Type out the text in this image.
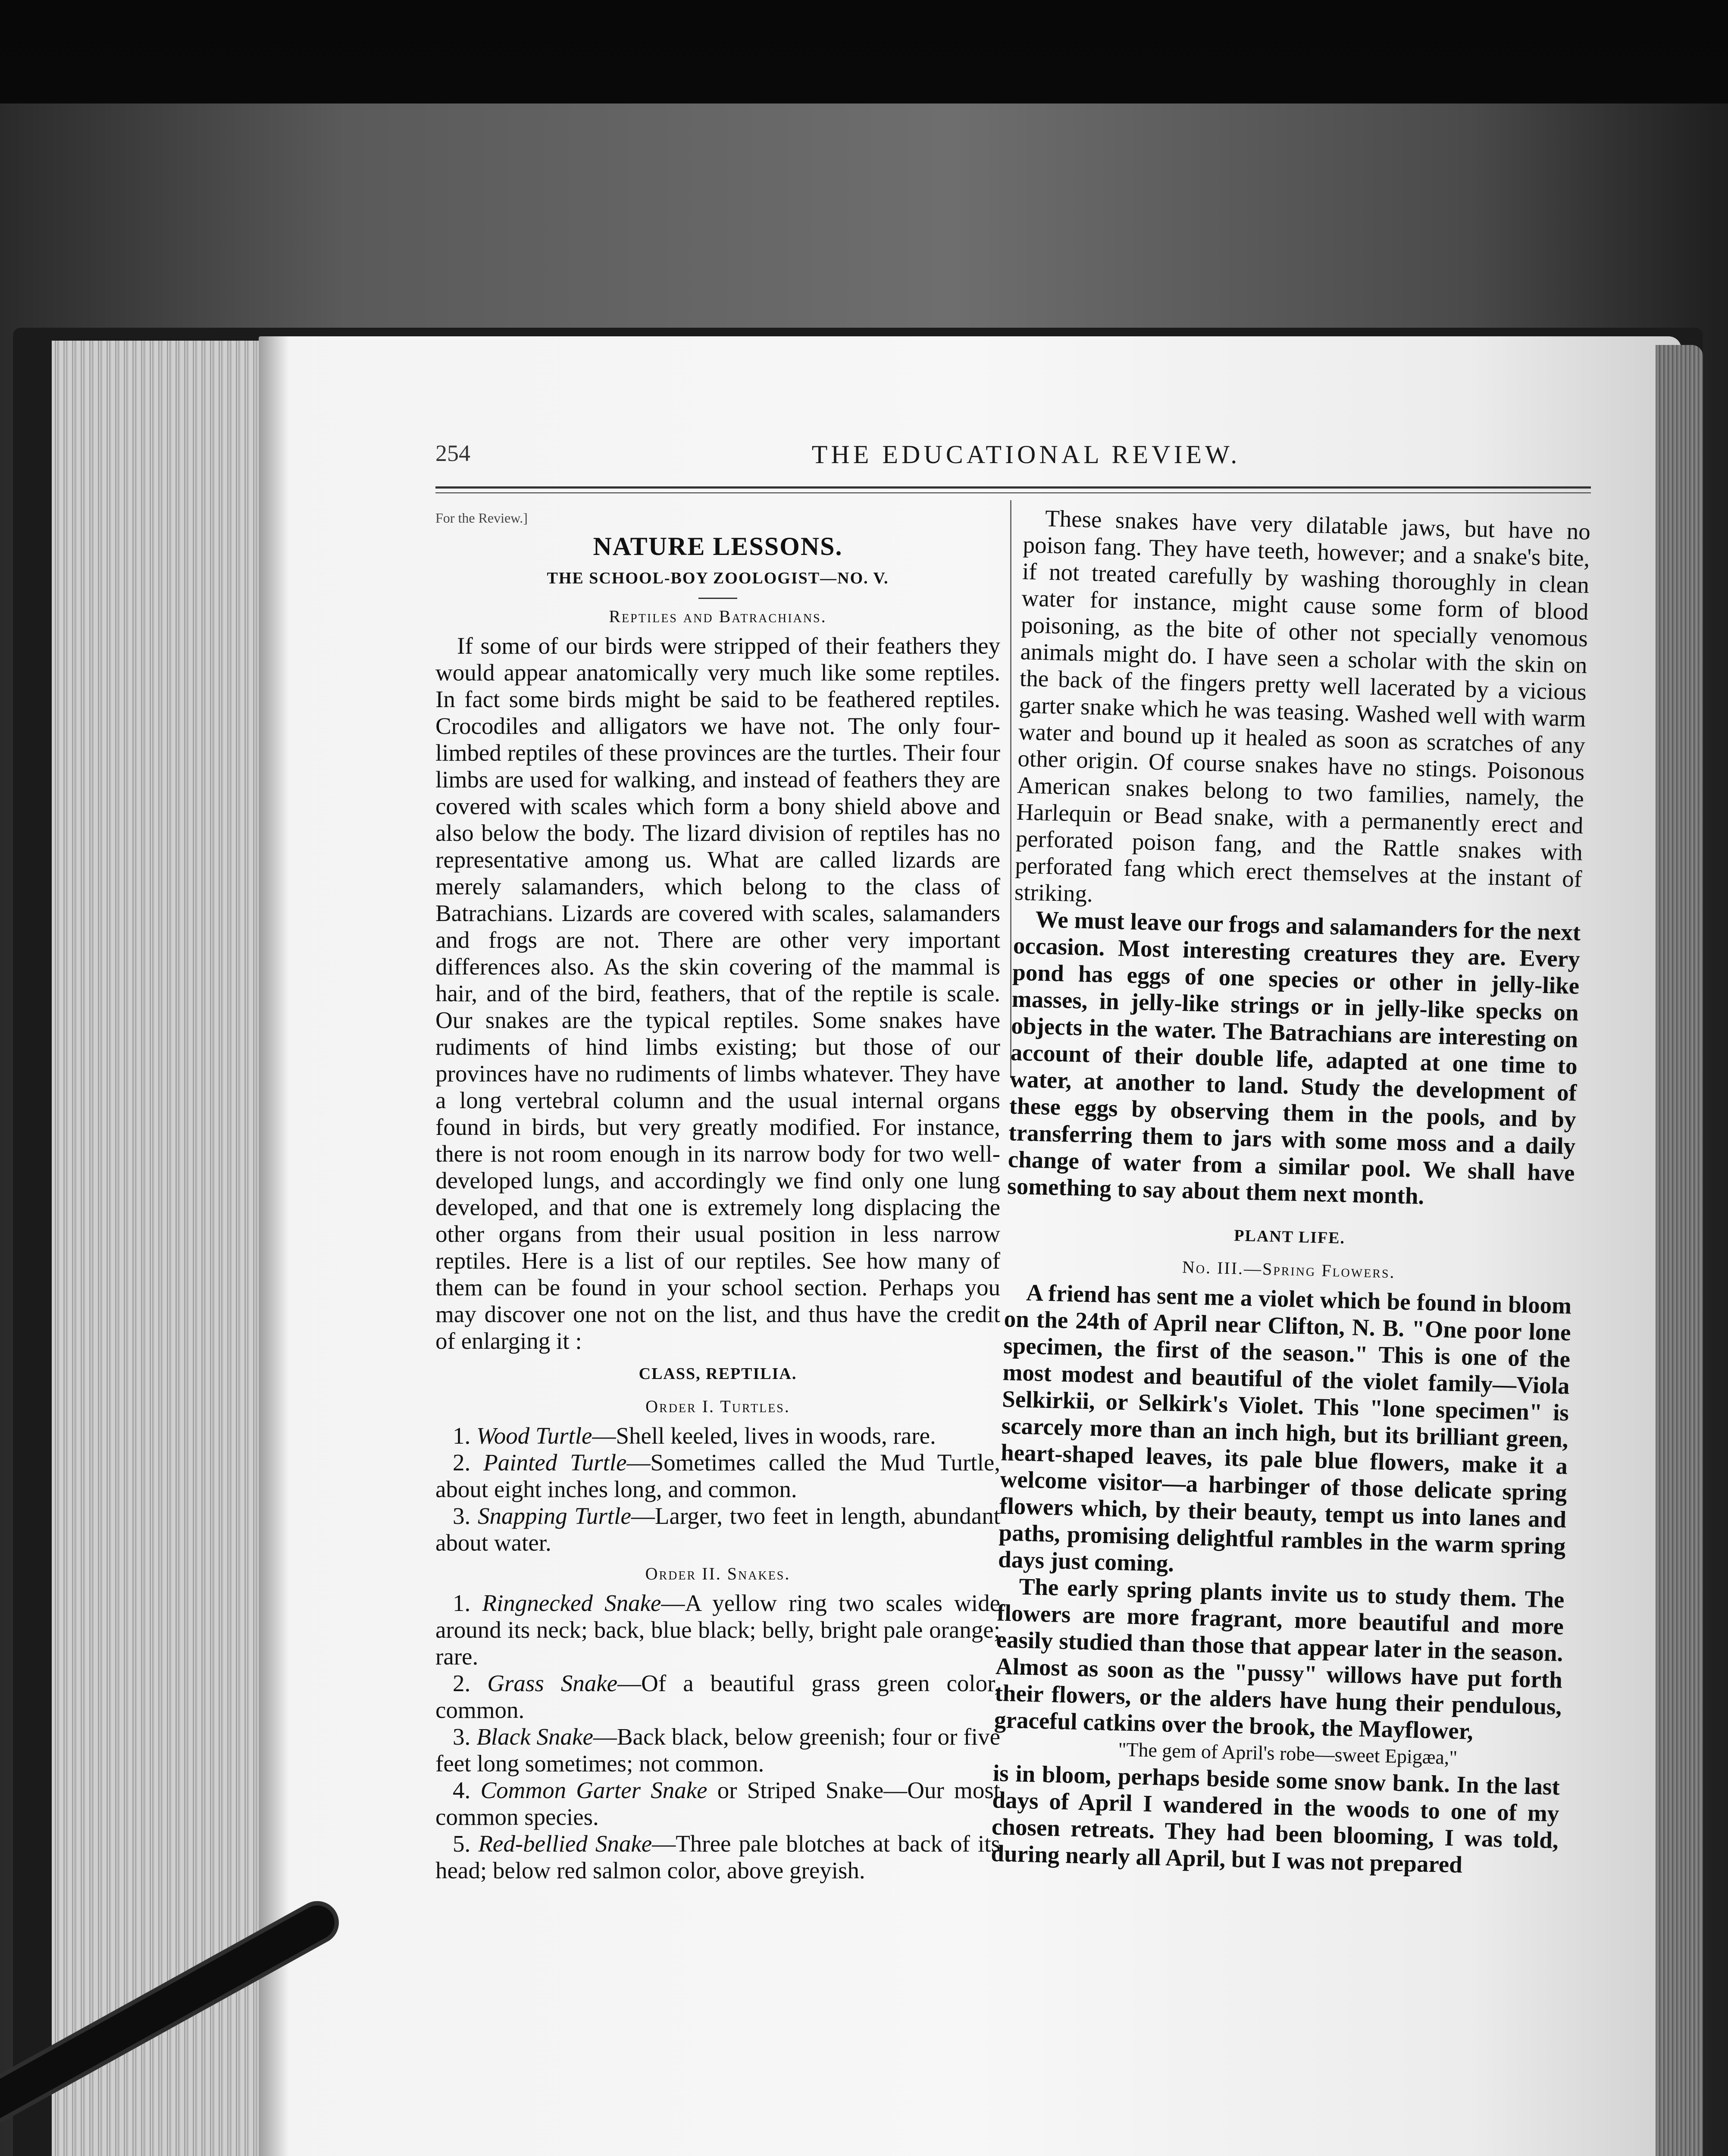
254	THE EDUCATIONAL REVIEW.
For the Review.]
NATURE LESSONS.
THE SCHOOL-BOY ZOOLOGIST—NO. V.
Reptiles and Batrachians.

If some of our birds were stripped of their feathers they would appear anatomically very much like some reptiles. In fact some birds might be said to be feathered reptiles. Crocodiles and alligators we have not. The only four-limbed reptiles of these provinces are the turtles. Their four limbs are used for walking, and instead of feathers they are covered with scales which form a bony shield above and also below the body. The lizard division of reptiles has no representative among us. What are called lizards are merely salamanders, which belong to the class of Batrachians. Lizards are covered with scales, salamanders and frogs are not. There are other very important differences also. As the skin covering of the mammal is hair, and of the bird, feathers, that of the reptile is scale. Our snakes are the typical reptiles. Some snakes have rudiments of hind limbs existing; but those of our provinces have no rudiments of limbs whatever. They have a long vertebral column and the usual internal organs found in birds, but very greatly modified. For instance, there is not room enough in its narrow body for two well-developed lungs, and accordingly we find only one lung developed, and that one is extremely long displacing the other organs from their usual position in less narrow reptiles. Here is a list of our reptiles. See how many of them can be found in your school section. Perhaps you may discover one not on the list, and thus have the credit of enlarging it :

CLASS, REPTILIA.
Order I. Turtles.

1. Wood Turtle—Shell keeled, lives in woods, rare.

2. Painted Turtle—Sometimes called the Mud Turtle, about eight inches long, and common.

3. Snapping Turtle—Larger, two feet in length, abundant about water.

Order II. Snakes.

1. Ringnecked Snake—A yellow ring two scales wide around its neck; back, blue black; belly, bright pale orange; rare.

2. Grass Snake—Of a beautiful grass green color, common.

3. Black Snake—Back black, below greenish; four or five feet long sometimes; not common.

4. Common Garter Snake or Striped Snake—Our most common species.

5. Red-bellied Snake—Three pale blotches at back of its head; below red salmon color, above greyish.

These snakes have very dilatable jaws, but have no poison fang. They have teeth, however; and a snake's bite, if not treated carefully by washing thoroughly in clean water for instance, might cause some form of blood poisoning, as the bite of other not specially venomous animals might do. I have seen a scholar with the skin on the back of the fingers pretty well lacerated by a vicious garter snake which he was teasing. Washed well with warm water and bound up it healed as soon as scratches of any other origin. Of course snakes have no stings. Poisonous American snakes belong to two families, namely, the Harlequin or Bead snake, with a permanently erect and perforated poison fang, and the Rattle snakes with perforated fang which erect themselves at the instant of striking.

We must leave our frogs and salamanders for the next occasion. Most interesting creatures they are. Every pond has eggs of one species or other in jelly-like masses, in jelly-like strings or in jelly-like specks on objects in the water. The Batrachians are interesting on account of their double life, adapted at one time to water, at another to land. Study the development of these eggs by observing them in the pools, and by transferring them to jars with some moss and a daily change of water from a similar pool. We shall have something to say about them next month.

PLANT LIFE.
No. III.—Spring Flowers.

A friend has sent me a violet which be found in bloom on the 24th of April near Clifton, N. B. "One poor lone specimen, the first of the season." This is one of the most modest and beautiful of the violet family—Viola Selkirkii, or Selkirk's Violet. This "lone specimen" is scarcely more than an inch high, but its brilliant green, heart-shaped leaves, its pale blue flowers, make it a welcome visitor—a harbinger of those delicate spring flowers which, by their beauty, tempt us into lanes and paths, promising delightful rambles in the warm spring days just coming.

The early spring plants invite us to study them. The flowers are more fragrant, more beautiful and more easily studied than those that appear later in the season. Almost as soon as the "pussy" willows have put forth their flowers, or the alders have hung their pendulous, graceful catkins over the brook, the Mayflower,

"The gem of April's robe—sweet Epigæa,"

is in bloom, perhaps beside some snow bank. In the last days of April I wandered in the woods to one of my chosen retreats. They had been blooming, I was told, during nearly all April, but I was not prepared
